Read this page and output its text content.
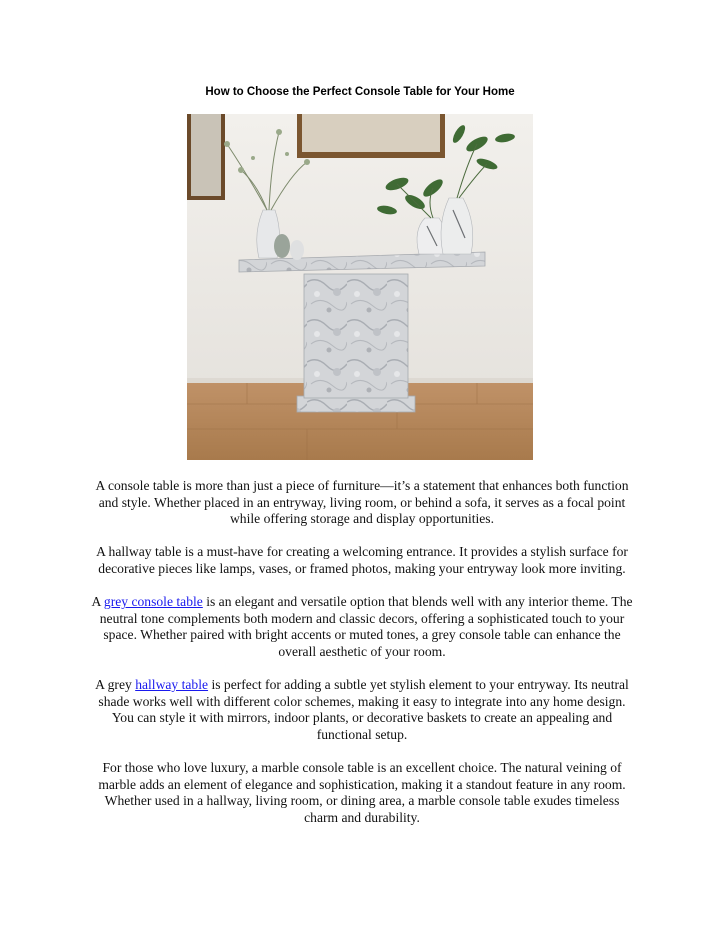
How to Choose the Perfect Console Table for Your Home

A console table is more than just a piece of furniture—it’s a statement that enhances both function and style. Whether placed in an entryway, living room, or behind a sofa, it serves as a focal point while offering storage and display opportunities.

A hallway table is a must-have for creating a welcoming entrance. It provides a stylish surface for decorative pieces like lamps, vases, or framed photos, making your entryway look more inviting.

A grey console table is an elegant and versatile option that blends well with any interior theme. The neutral tone complements both modern and classic decors, offering a sophisticated touch to your space. Whether paired with bright accents or muted tones, a grey console table can enhance the overall aesthetic of your room.

A grey hallway table is perfect for adding a subtle yet stylish element to your entryway. Its neutral shade works well with different color schemes, making it easy to integrate into any home design. You can style it with mirrors, indoor plants, or decorative baskets to create an appealing and functional setup.

For those who love luxury, a marble console table is an excellent choice. The natural veining of marble adds an element of elegance and sophistication, making it a standout feature in any room. Whether used in a hallway, living room, or dining area, a marble console table exudes timeless charm and durability.
